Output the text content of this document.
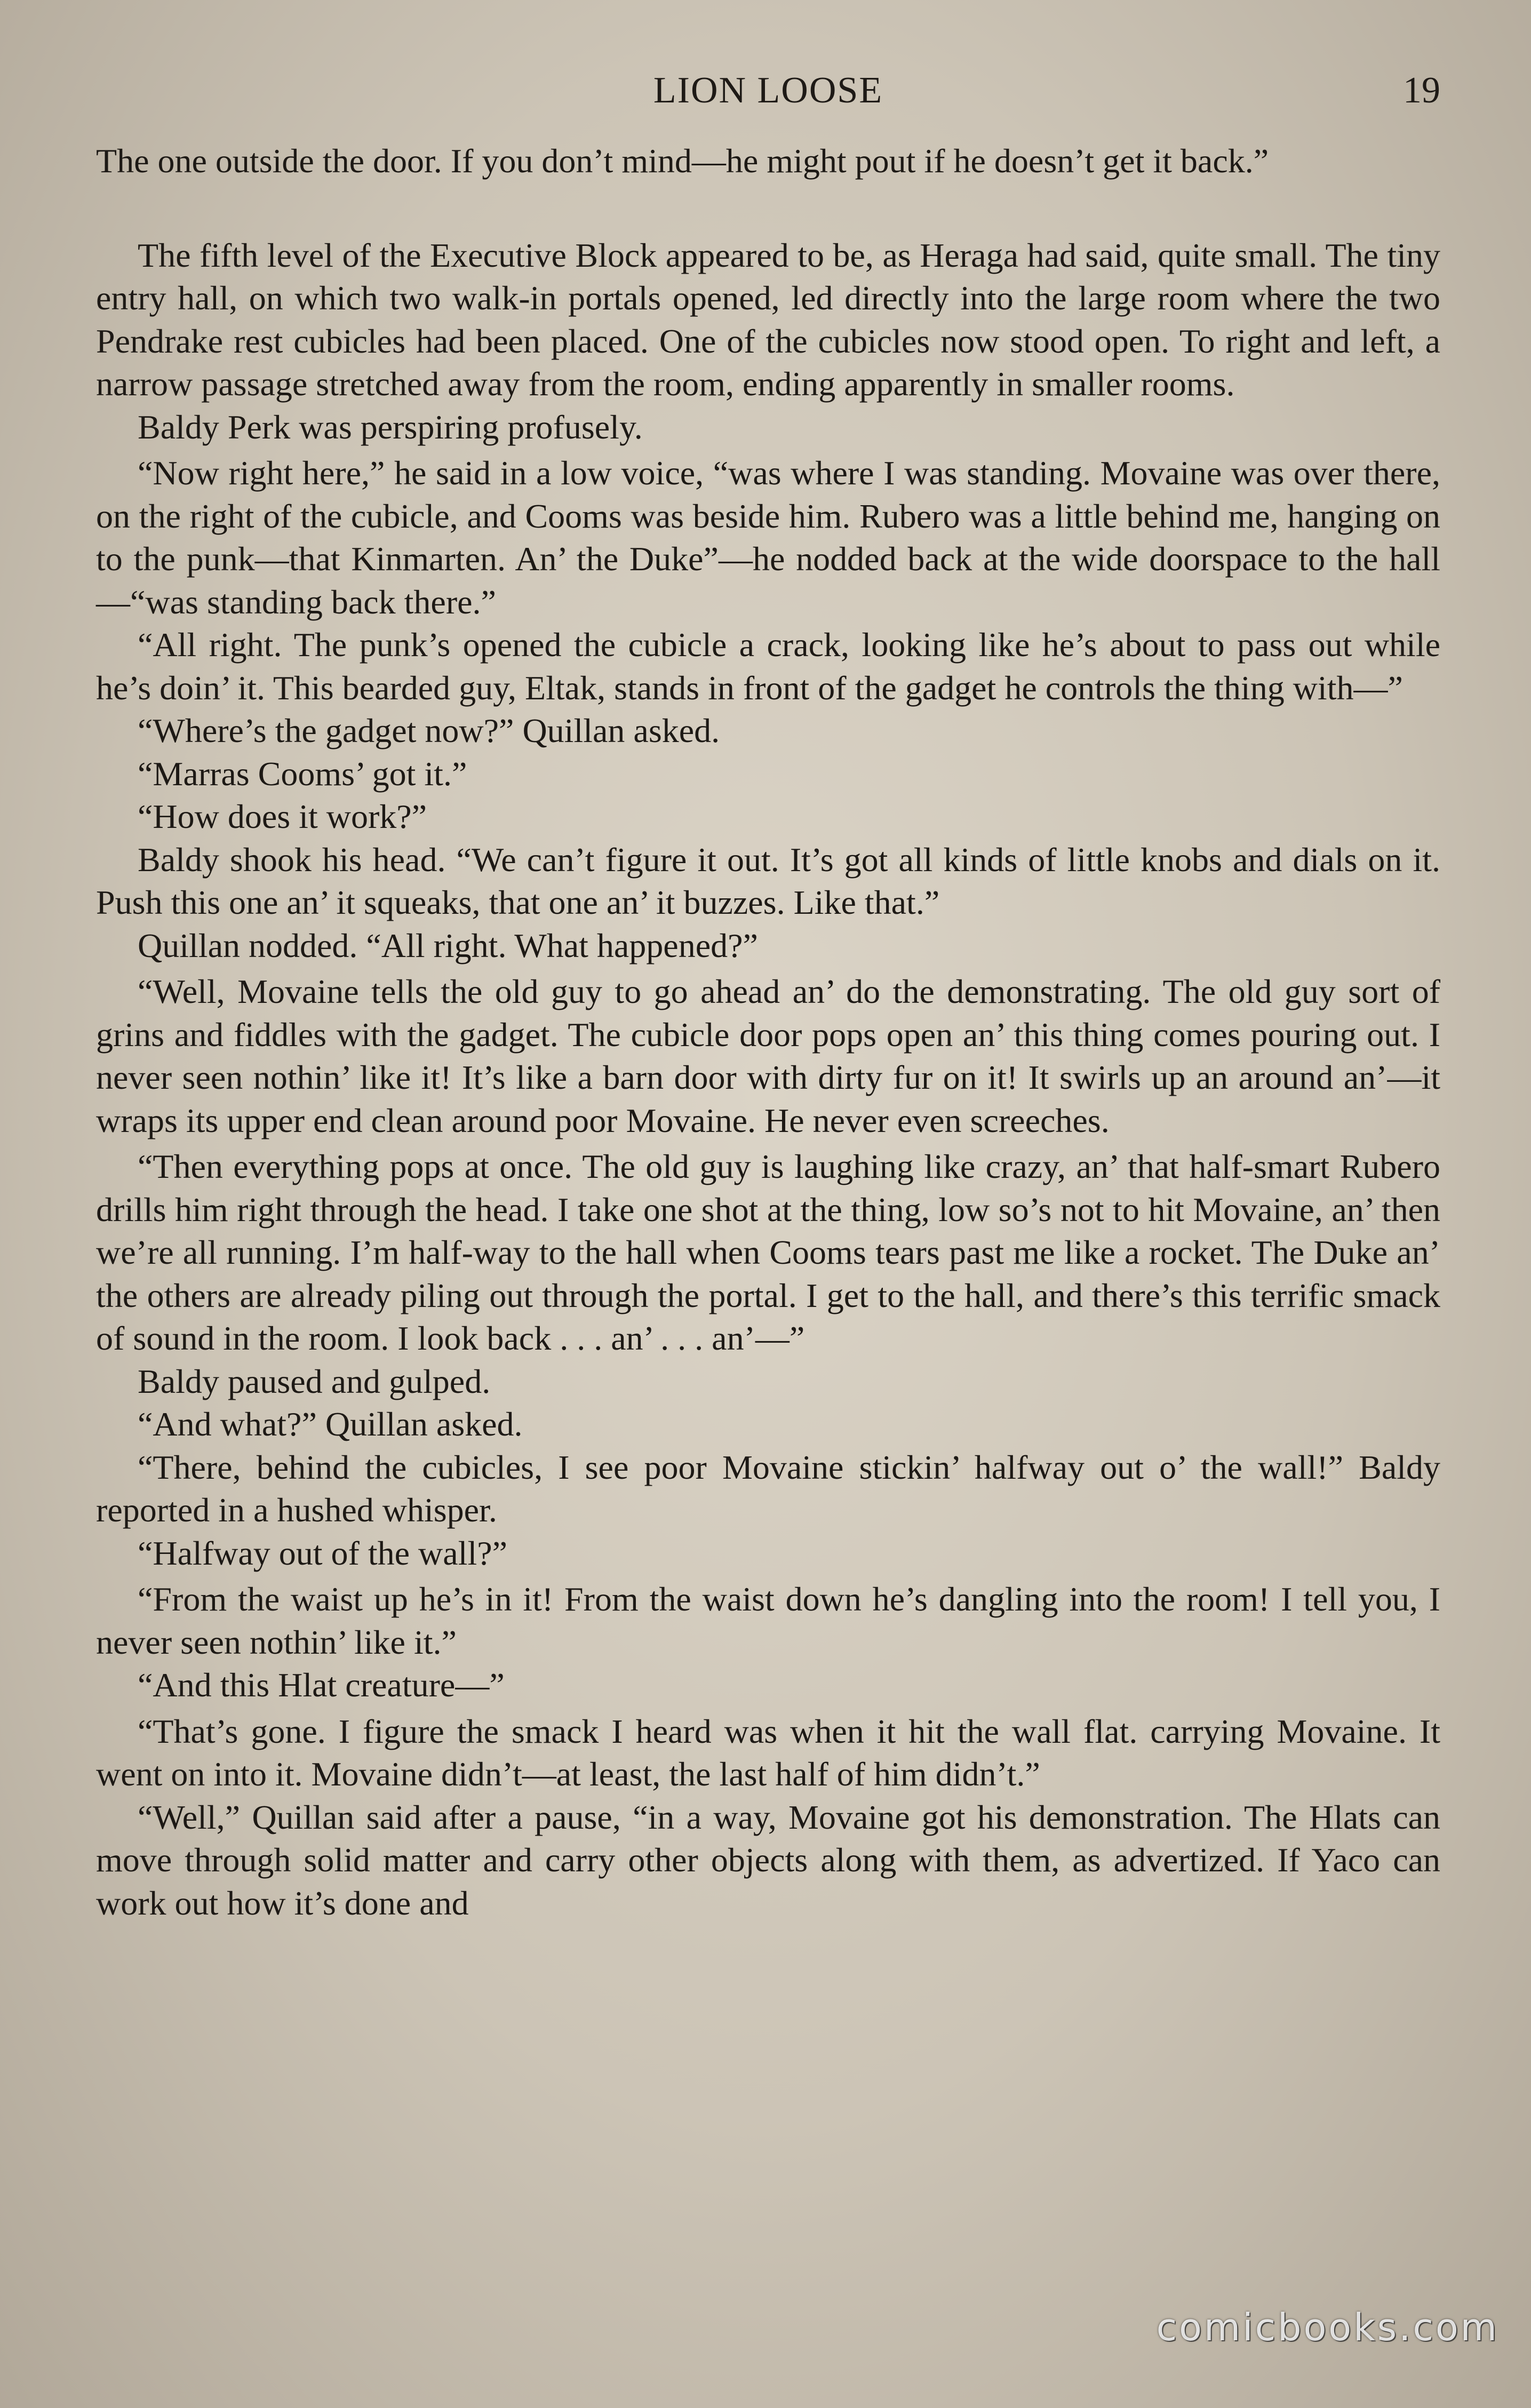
LION LOOSE	19

The one outside the door. If you don’t mind—he might pout if he doesn’t get it back.”

The fifth level of the Executive Block appeared to be, as Heraga had said, quite small. The tiny entry hall, on which two walk-in portals opened, led directly into the large room where the two Pendrake rest cubicles had been placed. One of the cubicles now stood open. To right and left, a narrow passage stretched away from the room, ending apparently in smaller rooms.

Baldy Perk was perspiring profusely.

“Now right here,” he said in a low voice, “was where I was standing. Movaine was over there, on the right of the cubicle, and Cooms was beside him. Rubero was a little behind me, hanging on to the punk—that Kinmarten. An’ the Duke”—he nodded back at the wide doorspace to the hall—“was standing back there.”

“All right. The punk’s opened the cubicle a crack, looking like he’s about to pass out while he’s doin’ it. This bearded guy, Eltak, stands in front of the gadget he controls the thing with—”

“Where’s the gadget now?” Quillan asked.

“Marras Cooms’ got it.”

“How does it work?”

Baldy shook his head. “We can’t figure it out. It’s got all kinds of little knobs and dials on it. Push this one an’ it squeaks, that one an’ it buzzes. Like that.”

Quillan nodded. “All right. What happened?”

“Well, Movaine tells the old guy to go ahead an’ do the demonstrating. The old guy sort of grins and fiddles with the gadget. The cubicle door pops open an’ this thing comes pouring out. I never seen nothin’ like it! It’s like a barn door with dirty fur on it! It swirls up an around an’—it wraps its upper end clean around poor Movaine. He never even screeches.

“Then everything pops at once. The old guy is laughing like crazy, an’ that half-smart Rubero drills him right through the head. I take one shot at the thing, low so’s not to hit Movaine, an’ then we’re all running. I’m half-way to the hall when Cooms tears past me like a rocket. The Duke an’ the others are already piling out through the portal. I get to the hall, and there’s this terrific smack of sound in the room. I look back . . . an’ . . . an’—”

Baldy paused and gulped.

“And what?” Quillan asked.

“There, behind the cubicles, I see poor Movaine stickin’ halfway out o’ the wall!” Baldy reported in a hushed whisper.

“Halfway out of the wall?”

“From the waist up he’s in it! From the waist down he’s dangling into the room! I tell you, I never seen nothin’ like it.”

“And this Hlat creature—”

“That’s gone. I figure the smack I heard was when it hit the wall flat. carrying Movaine. It went on into it. Movaine didn’t—at least, the last half of him didn’t.”

“Well,” Quillan said after a pause, “in a way, Movaine got his demonstration. The Hlats can move through solid matter and carry other objects along with them, as advertized. If Yaco can work out how it’s done and

comicbooks.com
